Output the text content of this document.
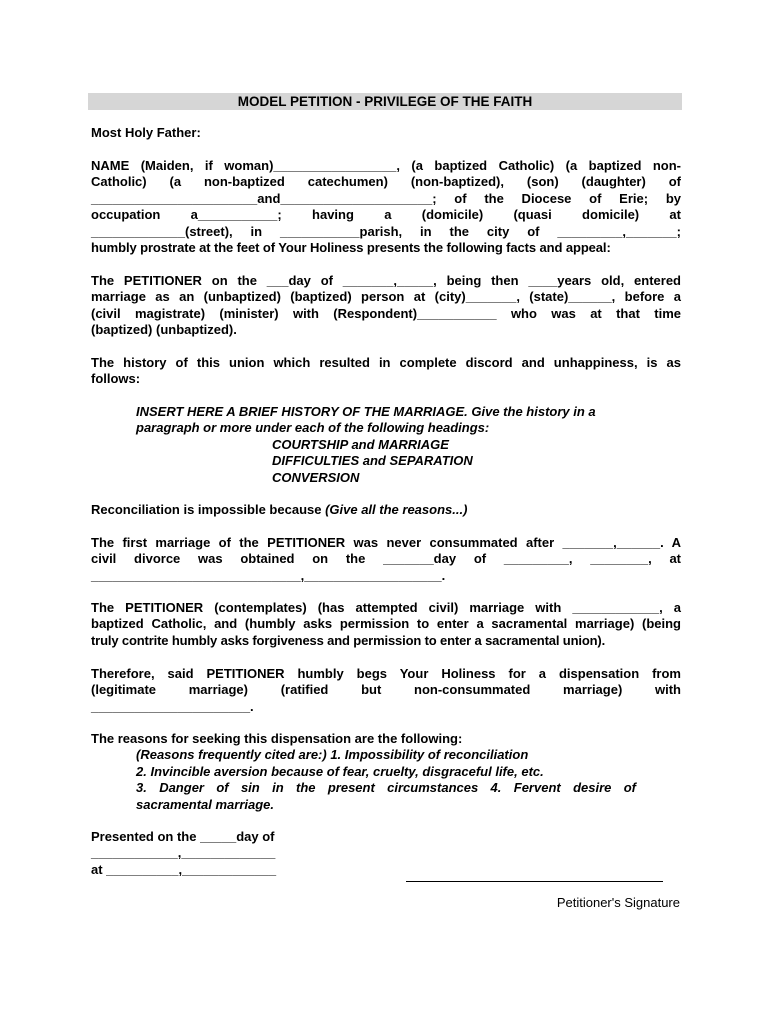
MODEL PETITION - PRIVILEGE OF THE FAITH
Most Holy Father:
NAME (Maiden, if woman)_________________, (a baptized Catholic) (a baptized non-
Catholic) (a non-baptized catechumen) (non-baptized), (son) (daughter) of
_______________________and_____________________; of the Diocese of Erie; by
occupation a___________; having a (domicile) (quasi domicile) at
_____________(street), in ___________parish, in the city of _________,_______;
humbly prostrate at the feet of Your Holiness presents the following facts and appeal:
The PETITIONER on the ___day of _______,_____, being then ____years old, entered
marriage as an (unbaptized) (baptized) person at (city)_______, (state)______, before a
(civil magistrate) (minister) with (Respondent)___________ who was at that time
(baptized) (unbaptized).
The history of this union which resulted in complete discord and unhappiness, is as
follows:
INSERT HERE A BRIEF HISTORY OF THE MARRIAGE. Give the history in a
paragraph or more under each of the following headings:
COURTSHIP and MARRIAGE
DIFFICULTIES and SEPARATION
CONVERSION
Reconciliation is impossible because (Give all the reasons...)
The first marriage of the PETITIONER was never consummated after _______,______. A
civil divorce was obtained on the _______day of _________, ________, at
_____________________________,___________________.
The PETITIONER (contemplates) (has attempted civil) marriage with ____________, a
baptized Catholic, and (humbly asks permission to enter a sacramental marriage) (being
truly contrite humbly asks forgiveness and permission to enter a sacramental union).
Therefore, said PETITIONER humbly begs Your Holiness for a dispensation from
(legitimate marriage) (ratified but non-consummated marriage) with
______________________.
The reasons for seeking this dispensation are the following:
(Reasons frequently cited are:) 1. Impossibility of reconciliation
2. Invincible aversion because of fear, cruelty, disgraceful life, etc.
3. Danger of sin in the present circumstances 4. Fervent desire of
sacramental marriage.
Presented on the _____day of
____________,_____________
at __________,_____________
Petitioner's Signature
